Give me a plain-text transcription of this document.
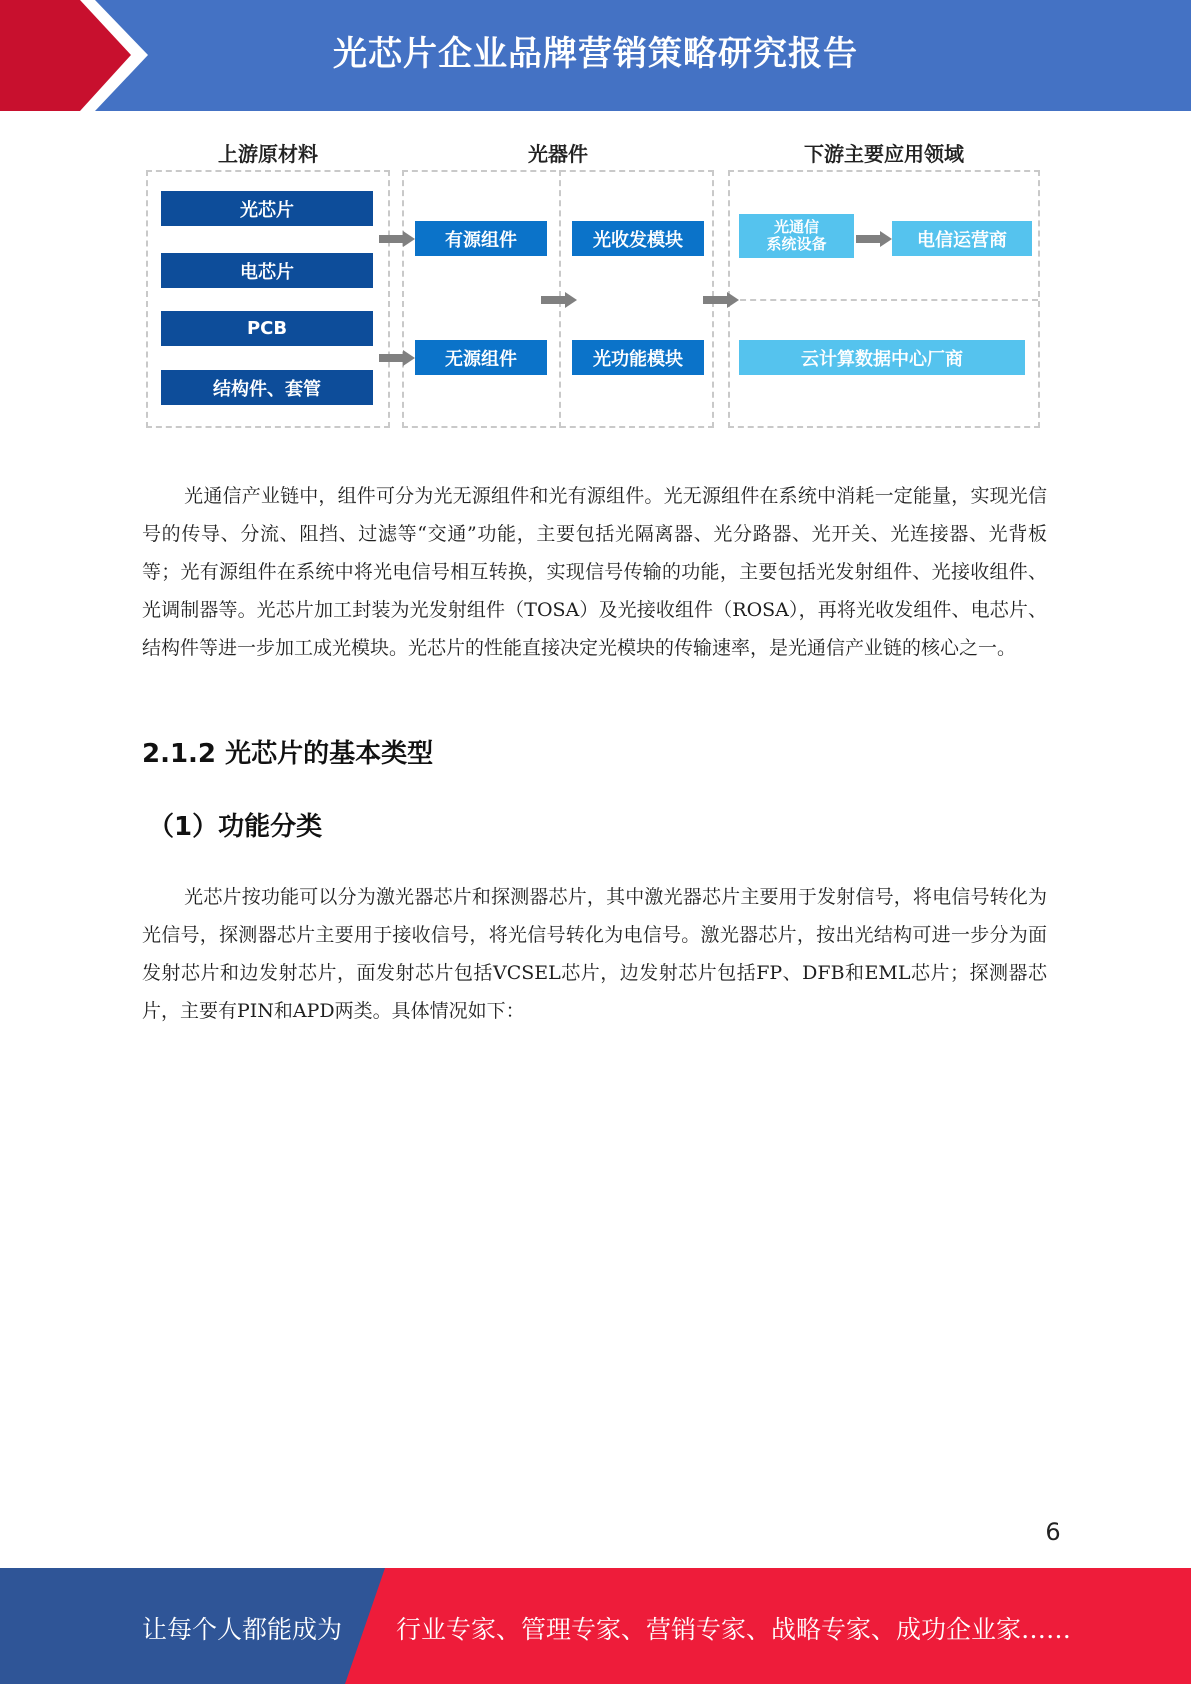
光芯片企业品牌营销策略研究报告
上游原材料	光器件	下游主要应用领域
光芯片
电芯片
PCB
结构件、套管
有源组件
无源组件
光收发模块
光功能模块
光通信
系统设备	电信运营商
云计算数据中心厂商

光通信产业链中，组件可分为光无源组件和光有源组件。光无源组件在系统中消耗一定能量，实现光信号的传导、分流、阻挡、过滤等“交通”功能，主要包括光隔离器、光分路器、光开关、光连接器、光背板等；光有源组件在系统中将光电信号相互转换，实现信号传输的功能，主要包括光发射组件、光接收组件、光调制器等。光芯片加工封装为光发射组件（TOSA）及光接收组件（ROSA），再将光收发组件、电芯片、结构件等进一步加工成光模块。光芯片的性能直接决定光模块的传输速率，是光通信产业链的核心之一。

2.1.2 光芯片的基本类型
（1）功能分类

光芯片按功能可以分为激光器芯片和探测器芯片，其中激光器芯片主要用于发射信号，将电信号转化为光信号，探测器芯片主要用于接收信号，将光信号转化为电信号。激光器芯片，按出光结构可进一步分为面发射芯片和边发射芯片，面发射芯片包括VCSEL芯片，边发射芯片包括FP、DFB和EML芯片；探测器芯片，主要有PIN和APD两类。具体情况如下：

6
让每个人都能成为 行业专家、管理专家、营销专家、战略专家、成功企业家……
